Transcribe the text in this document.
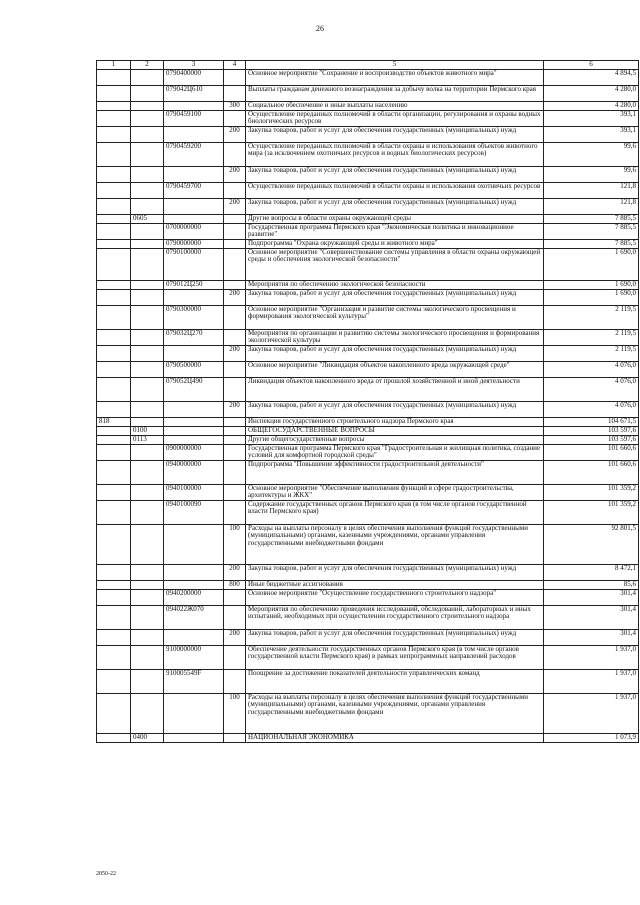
26
1	2	3	4	5	6
		0790400000		Основное мероприятие "Сохранение и воспроизводство объектов животного мира"	4 894,5
		079042Ц610		Выплаты гражданам денежного вознаграждения за добычу волка на территории Пермского края	4 280,0
			300	Социальное обеспечение и иные выплаты населению	4 280,0
		0790459100		Осуществление переданных полномочий в области организации, регулирования и охраны водных биологических ресурсов	393,1
			200	Закупка товаров, работ и услуг для обеспечения государственных (муниципальных) нужд	393,1
		0790459200		Осуществление переданных полномочий в области охраны и использования объектов животного мира (за исключением охотничьих ресурсов и водных биологических ресурсов)	99,6
			200	Закупка товаров, работ и услуг для обеспечения государственных (муниципальных) нужд	99,6
		0790459700		Осуществление переданных полномочий в области охраны и использования охотничьих ресурсов	121,8
			200	Закупка товаров, работ и услуг для обеспечения государственных (муниципальных) нужд	121,8
	0605			Другие вопросы в области охраны окружающей среды	7 885,5
		0700000000		Государственная программа Пермского края "Экономическая политика и инновационное развитие"	7 885,5
		0790000000		Подпрограмма "Охрана окружающей среды и животного мира"	7 885,5
		0790100000		Основное мероприятие "Совершенствование системы управления в области охраны окружающей среды и обеспечения экологической безопасности"	1 690,0
		079012Ц250		Мероприятия по обеспечению экологической безопасности	1 690,0
			200	Закупка товаров, работ и услуг для обеспечения государственных (муниципальных) нужд	1 690,0
		0790300000		Основное мероприятие "Организация и развитие системы экологического просвещения и формирования экологической культуры"	2 119,5
		079032Ц270		Мероприятия по организации и развитию системы экологического просвещения и формирования экологической культуры	2 119,5
			200	Закупка товаров, работ и услуг для обеспечения государственных (муниципальных) нужд	2 119,5
		0790500000		Основное мероприятие "Ликвидация объектов накопленного вреда окружающей среде"	4 076,0
		079052Ц490		Ликвидация объектов накопленного вреда от прошлой хозяйственной и иной деятельности	4 076,0
			200	Закупка товаров, работ и услуг для обеспечения государственных (муниципальных) нужд	4 076,0
818				Инспекция государственного строительного надзора Пермского края	104 671,5
	0100			ОБЩЕГОСУДАРСТВЕННЫЕ ВОПРОСЫ	103 597,6
	0113			Другие общегосударственные вопросы	103 597,6
		0900000000		Государственная программа Пермского края "Градостроительная и жилищная политика, создание условий для комфортной городской среды"	101 660,6
		0940000000		Подпрограмма "Повышение эффективности градостроительной деятельности"	101 660,6
		0940100000		Основное мероприятие "Обеспечение выполнения функций в сфере градостроительства, архитектуры и ЖКХ"	101 359,2
		0940100090		Содержание государственных органов Пермского края (в том числе органов государственной власти Пермского края)	101 359,2
			100	Расходы на выплаты персоналу в целях обеспечения выполнения функций государственными (муниципальными) органами, казенными учреждениями, органами управления государственными внебюджетными фондами	92 801,5
			200	Закупка товаров, работ и услуг для обеспечения государственных (муниципальных) нужд	8 472,1
			800	Иные бюджетные ассигнования	85,6
		0940200000		Основное мероприятие "Осуществление государственного строительного надзора"	301,4
		094022Ж070		Мероприятия по обеспечению проведения исследований, обследований, лабораторных и иных испытаний, необходимых при осуществлении государственного строительного надзора	301,4
			200	Закупка товаров, работ и услуг для обеспечения государственных (муниципальных) нужд	301,4
		9100000000		Обеспечение деятельности государственных органов Пермского края (в том числе органов государственной власти Пермского края) в рамках непрограммных направлений расходов	1 937,0
		910005549F		Поощрение за достижение показателей деятельности управленческих команд	1 937,0
			100	Расходы на выплаты персоналу в целях обеспечения выполнения функций государственными (муниципальными) органами, казенными учреждениями, органами управления государственными внебюджетными фондами	1 937,0
	0400			НАЦИОНАЛЬНАЯ ЭКОНОМИКА	1 073,9
2050-22
